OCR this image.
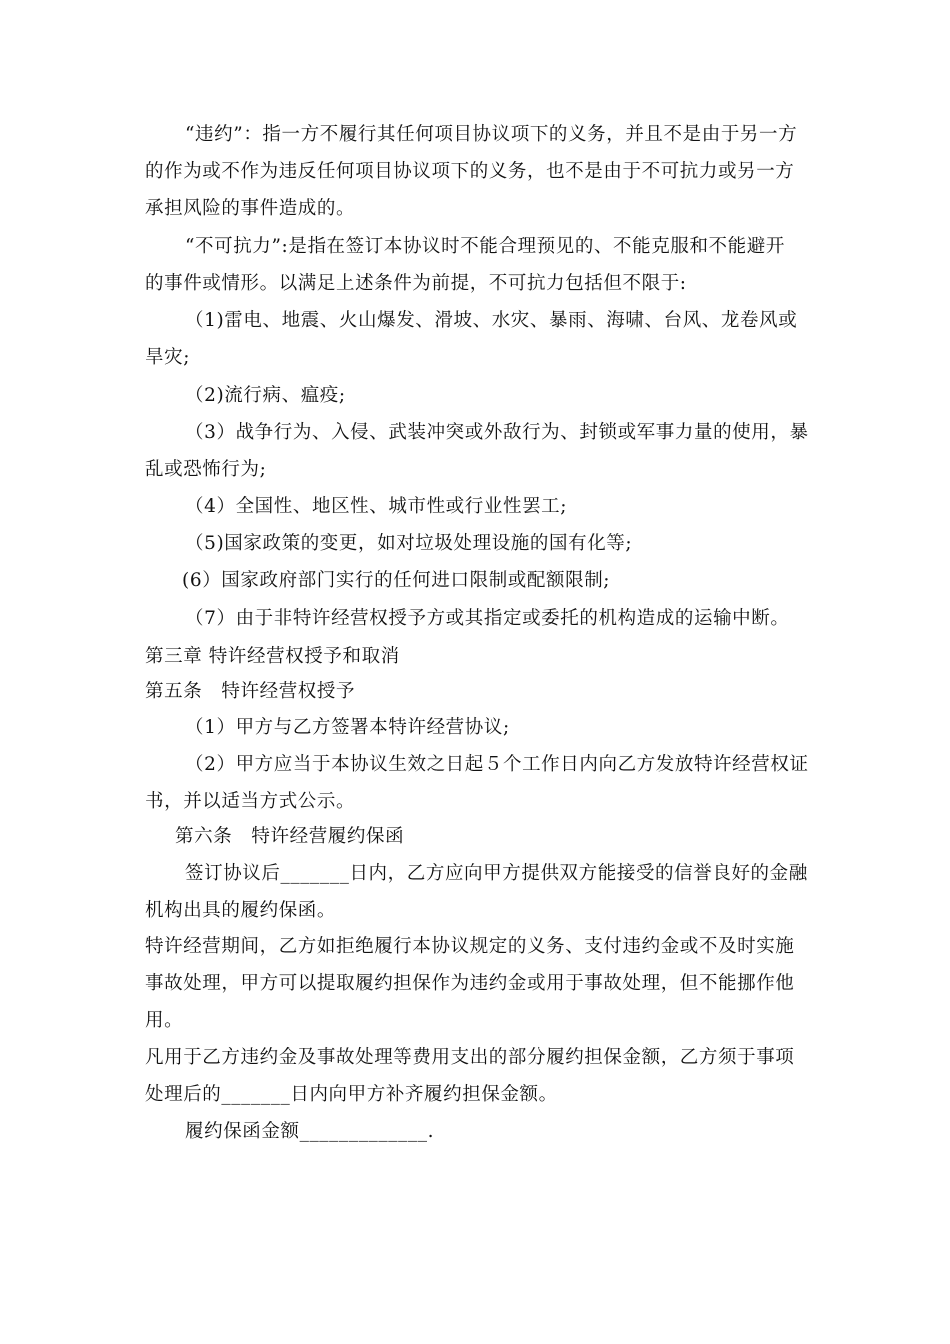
“违约”：指一方不履行其任何项目协议项下的义务，并且不是由于另一方
的作为或不作为违反任何项目协议项下的义务，也不是由于不可抗力或另一方
承担风险的事件造成的。
“不可抗力”:是指在签订本协议时不能合理预见的、不能克服和不能避开
的事件或情形。以满足上述条件为前提，不可抗力包括但不限于:
（1)雷电、地震、火山爆发、滑坡、水灾、暴雨、海啸、台风、龙卷风或
旱灾;
（2)流行病、瘟疫;
（3）战争行为、入侵、武装冲突或外敌行为、封锁或军事力量的使用，暴
乱或恐怖行为;
（4）全国性、地区性、城市性或行业性罢工;
（5)国家政策的变更，如对垃圾处理设施的国有化等;
(6）国家政府部门实行的任何进口限制或配额限制;
（7）由于非特许经营权授予方或其指定或委托的机构造成的运输中断。
第三章 特许经营权授予和取消
第五条　特许经营权授予
（1）甲方与乙方签署本特许经营协议;
（2）甲方应当于本协议生效之日起５个工作日内向乙方发放特许经营权证
书，并以适当方式公示。
第六条　特许经营履约保函
签订协议后_______日内，乙方应向甲方提供双方能接受的信誉良好的金融
机构出具的履约保函。
特许经营期间，乙方如拒绝履行本协议规定的义务、支付违约金或不及时实施
事故处理，甲方可以提取履约担保作为违约金或用于事故处理，但不能挪作他
用。
凡用于乙方违约金及事故处理等费用支出的部分履约担保金额，乙方须于事项
处理后的_______日内向甲方补齐履约担保金额。
履约保函金额_____________.
